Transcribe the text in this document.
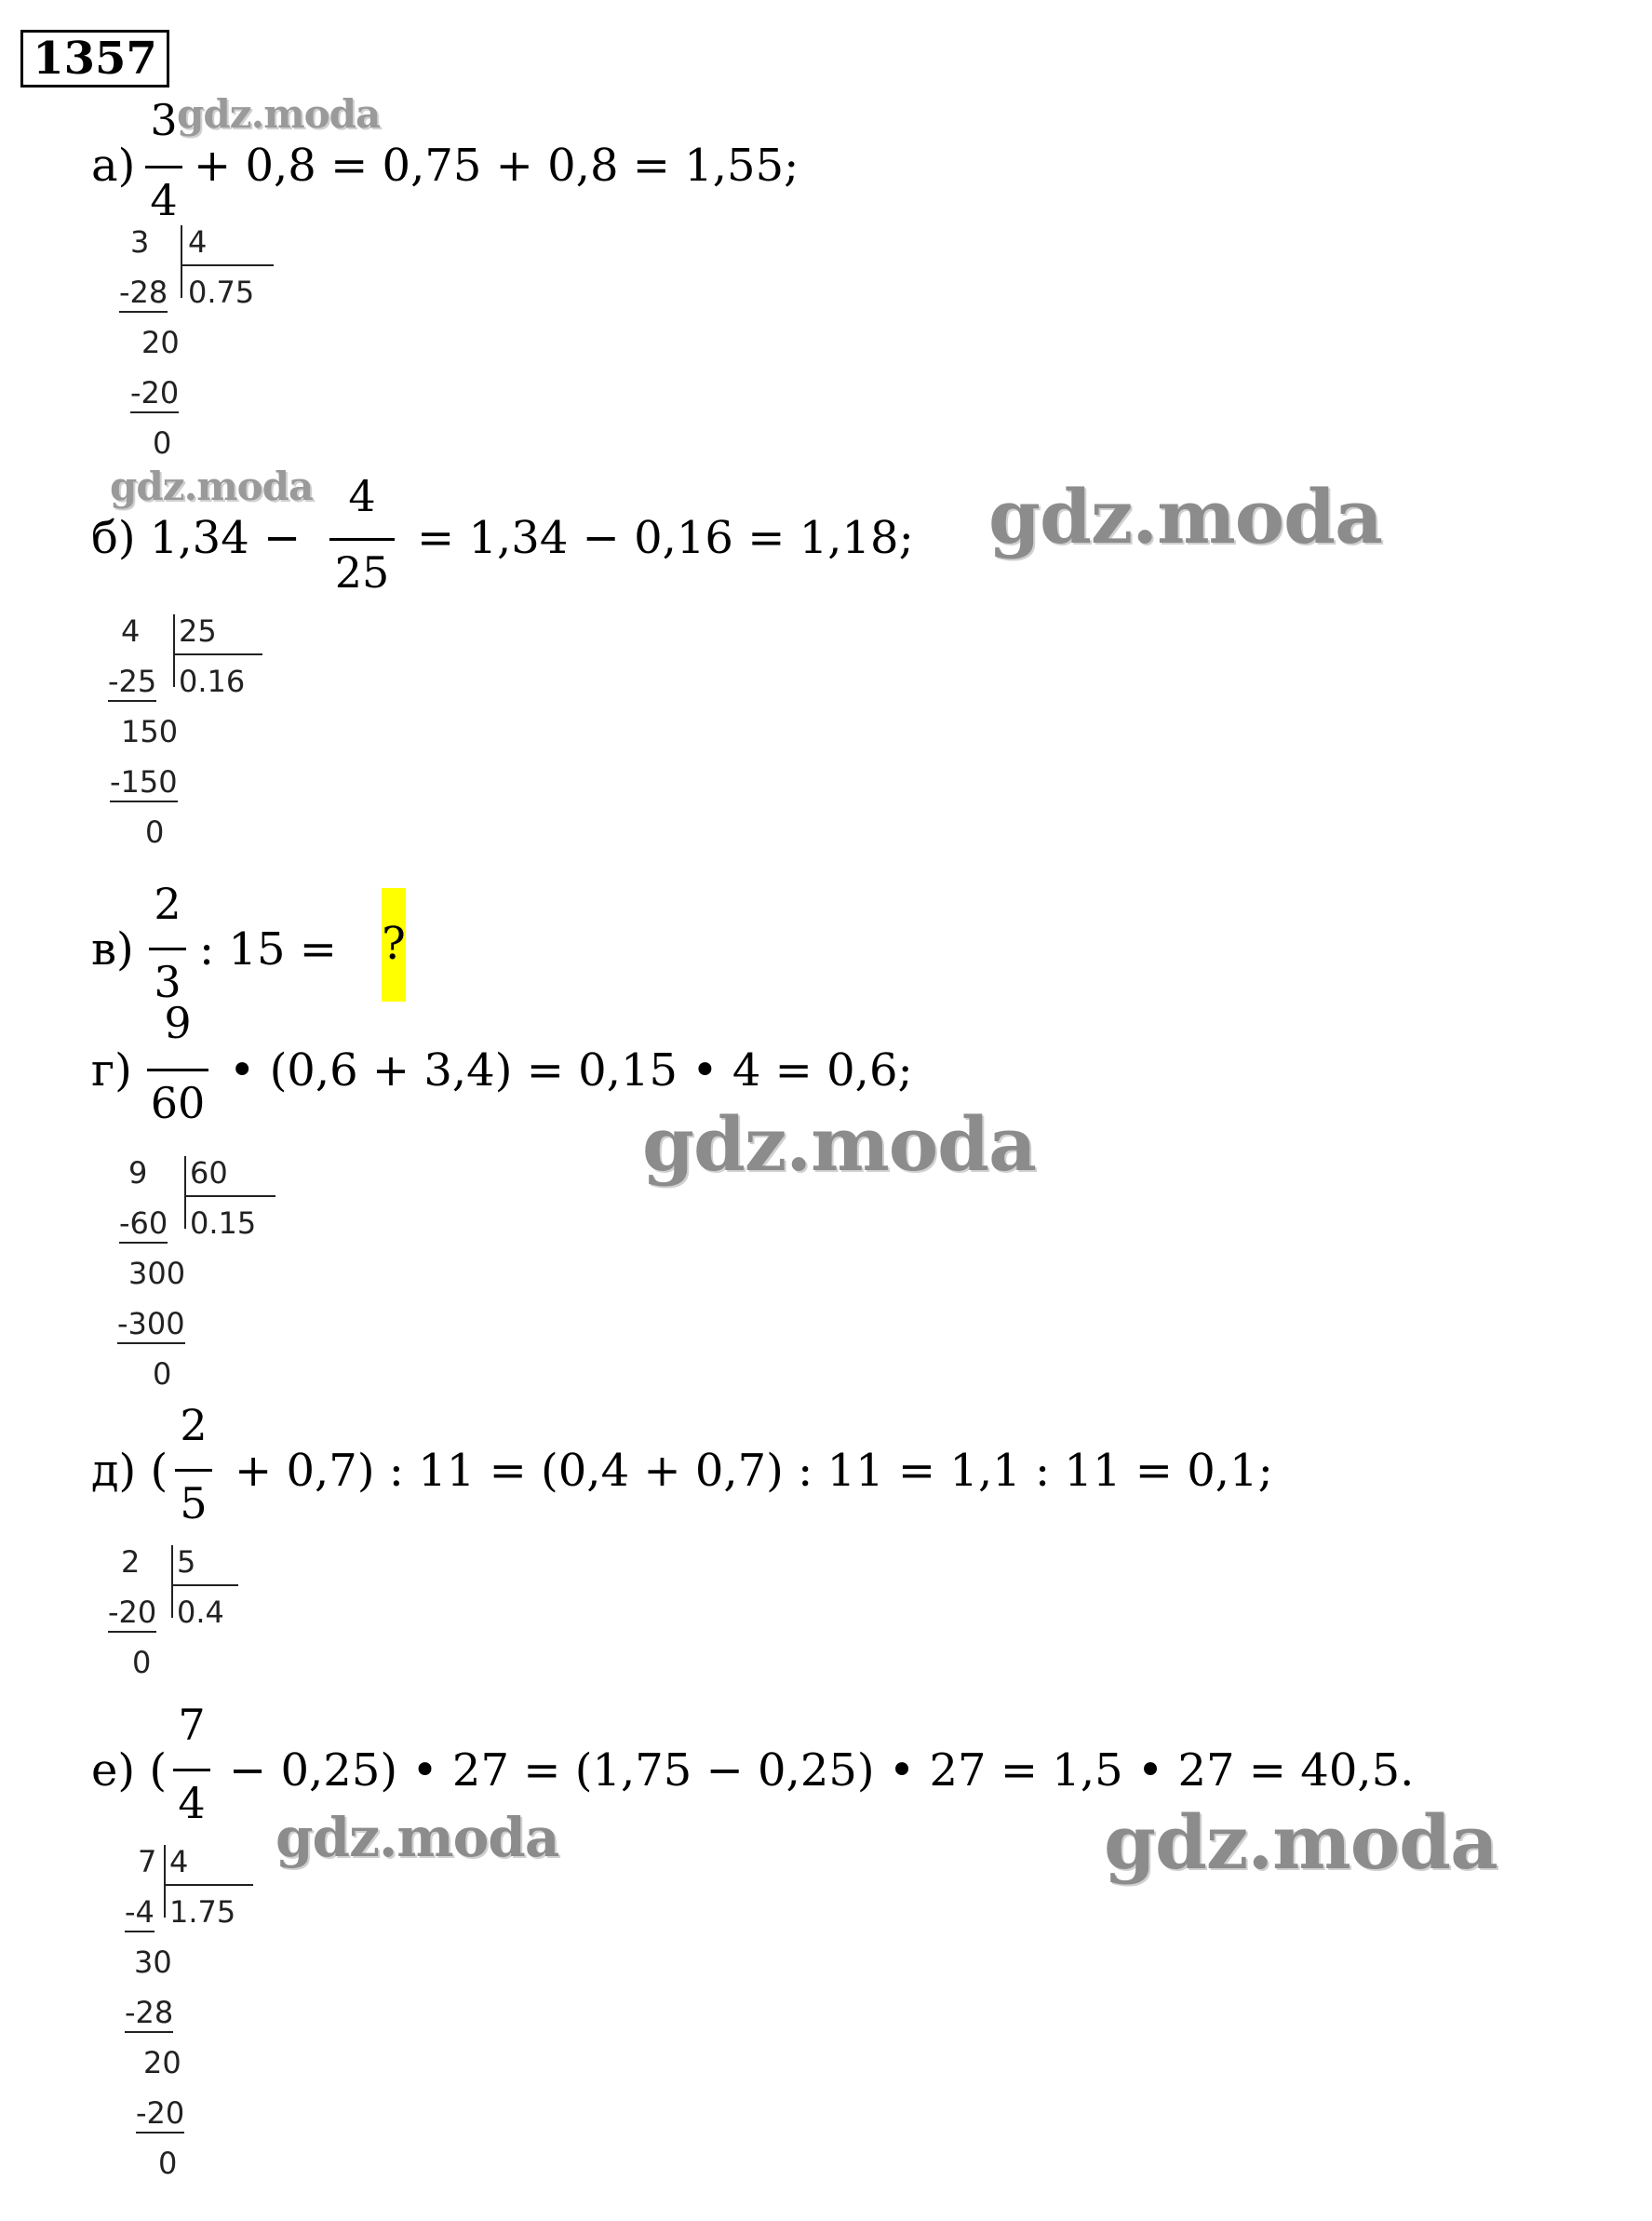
1357
а)
3
4
+ 0,8 = 0,75 + 0,8 = 1,55;
3 4
-28 0.75
20
-20
0
б) 1,34 −
4
25
= 1,34 − 0,16 = 1,18;
4 25
-25 0.16
150
-150
0
в)
2
3
: 15 = ?
г)
9
60
• (0,6 + 3,4) = 0,15 • 4 = 0,6;
9 60
-60 0.15
300
-300
0
д) (
2
5
+ 0,7) : 11 = (0,4 + 0,7) : 11 = 1,1 : 11 = 0,1;
2 5
-20 0.4
0
е) (
7
4
− 0,25) • 27 = (1,75 − 0,25) • 27 = 1,5 • 27 = 40,5.
7 4
-4 1.75
30
-28
20
-20
0
gdz.moda
gdz.moda	gdz.moda
gdz.moda
gdz.moda	gdz.moda
